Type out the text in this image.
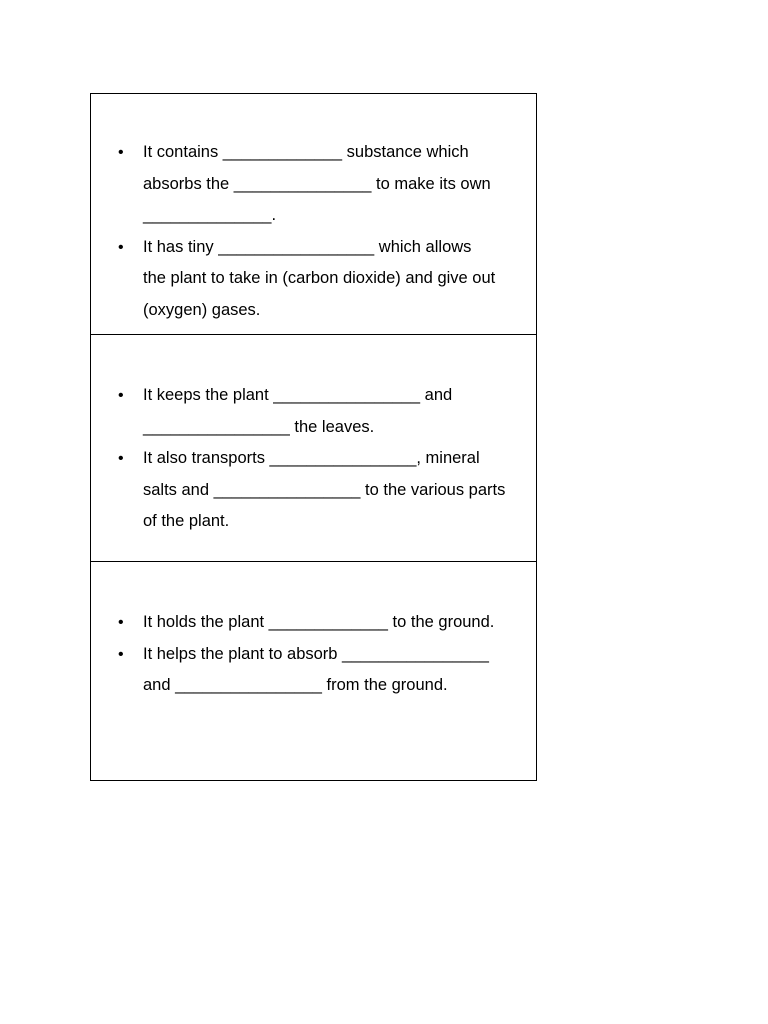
• It contains _____________ substance which
absorbs the _______________ to make its own
______________.
• It has tiny _________________ which allows
the plant to take in (carbon dioxide) and give out
(oxygen) gases.
• It keeps the plant ________________ and
________________ the leaves.
• It also transports ________________, mineral
salts and ________________ to the various parts
of the plant.
• It holds the plant _____________ to the ground.
• It helps the plant to absorb ________________
and ________________ from the ground.
